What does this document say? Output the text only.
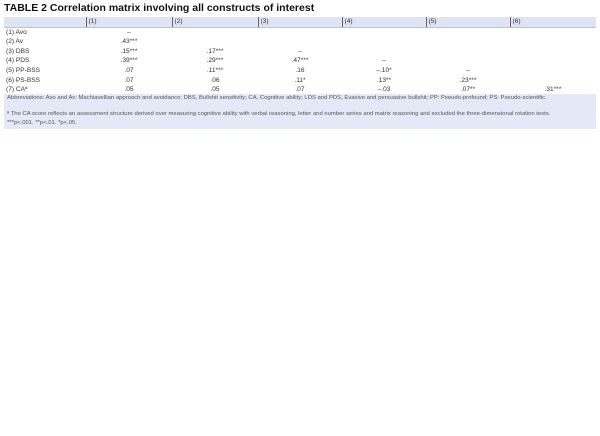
TABLE 2 Correlation matrix involving all constructs of interest
	(1)	(2)	(3)	(4)	(5)	(6)
(1) Avo	–					
(2) Av	.43***					
(3) DBS	.15***	.17***	–			
(4) PDS	.39***	.29***	.47***	–		
(5) PP-BSS	.07	.11***	.16	–.10*	–	
(6) PS-BSS	.07	.06	.11*	.13**	.23***	
(7) CAª	.05	.05	.07	–.03	.07**	.31***

Abbreviations: Avo and Av: Machiavellian approach and avoidance; DBS, Bullshit sensitivity; CA, Cognitive ability; LDS and PDS, Evasive and persuasive bullshit; PP: Pseudo-profound; PS: Pseudo-scientific.

ª The CA score reflects an assessment structure derived over measuring cognitive ability with verbal reasoning, letter and number series and matrix reasoning and excluded the three-dimensional rotation tests.

***p<.001. **p<.01. *p<.05.
